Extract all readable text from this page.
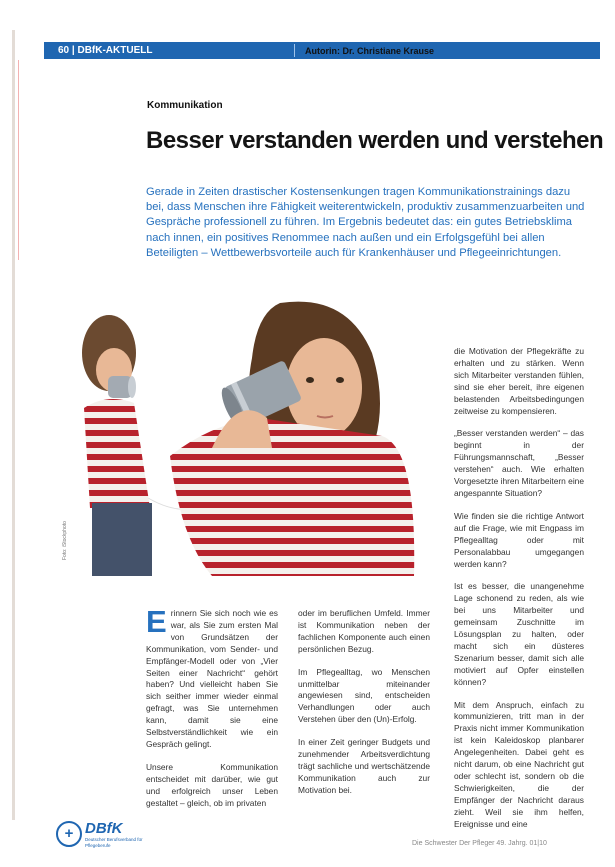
60 | DBfK-AKTUELL	Autorin: Dr. Christiane Krause
Kommunikation
Besser verstanden werden und verstehen
Gerade in Zeiten drastischer Kostensenkungen tragen Kommunikationstrainings dazu bei, dass Menschen ihre Fähigkeit weiterentwickeln, produktiv zusammenzuarbeiten und Gespräche professionell zu führen. Im Ergebnis bedeutet das: ein gutes Betriebsklima nach innen, ein positives Renommee nach außen und ein Erfolgsgefühl bei allen Beteiligten – Wettbewerbsvorteile auch für Krankenhäuser und Pflegeeinrichtungen.
Foto: iStockphoto

Erinnern Sie sich noch wie es war, als Sie zum ersten Mal von Grundsätzen der Kommunikation, vom Sender- und Empfänger-Modell oder von „Vier Seiten einer Nachricht“ gehört haben? Und vielleicht haben Sie sich seither immer wieder einmal gefragt, was Sie unternehmen kann, damit sie eine Selbstverständlichkeit wie ein Gespräch gelingt.

Unsere Kommunikation entscheidet mit darüber, wie gut und erfolgreich unser Leben gestaltet – gleich, ob im privaten

oder im beruflichen Umfeld. Immer ist Kommunikation neben der fachlichen Komponente auch einen persönlichen Bezug.

Im Pflegealltag, wo Menschen unmittelbar miteinander angewiesen sind, entscheiden Verhandlungen oder auch Verstehen über den (Un)-Erfolg.

In einer Zeit geringer Budgets und zunehmender Arbeitsverdichtung trägt sachliche und wertschätzende Kommunikation auch zur Motivation bei.

die Motivation der Pflegekräfte zu erhalten und zu stärken. Wenn sich Mitarbeiter verstanden fühlen, sind sie eher bereit, ihre eigenen belastenden Arbeitsbedingungen zeitweise zu kompensieren.

„Besser verstanden werden“ – das beginnt in der Führungsmannschaft, „Besser verstehen“ auch. Wie erhalten Vorgesetzte ihren Mitarbeitern eine angespannte Situation?

Wie finden sie die richtige Antwort auf die Frage, wie mit Engpass im Pflegealltag oder mit Personalabbau umgegangen werden kann?

Ist es besser, die unangenehme Lage schonend zu reden, als wie bei uns Mitarbeiter und gemeinsam Zuschnitte im Lösungsplan zu halten, oder macht sich ein düsteres Szenarium besser, damit sich alle motiviert auf Opfer einstellen können?

Mit dem Anspruch, einfach zu kommunizieren, tritt man in der Praxis nicht immer Kommunikation ist kein Kaleidoskop planbarer Angelegenheiten. Dabei geht es nicht darum, ob eine Nachricht gut oder schlecht ist, sondern ob die Schwierigkeiten, die der Empfänger der Nachricht daraus zieht. Weil sie ihm helfen, Ereignisse und eine

+ DBfK
Deutscher Berufsverband für Pflegeberufe	Die Schwester Der Pfleger 49. Jahrg. 01|10
